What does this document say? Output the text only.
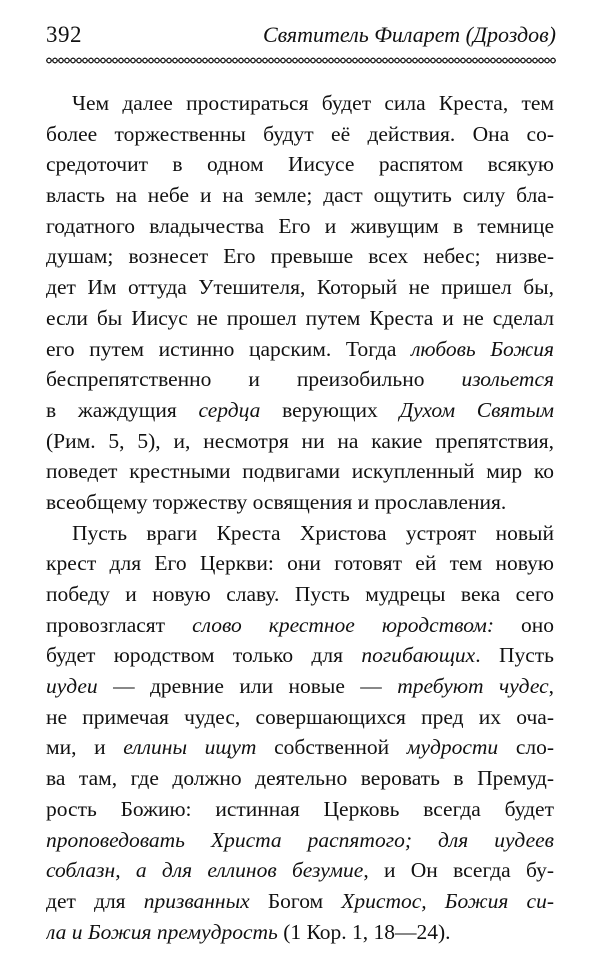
392	Святитель Филарет (Дроздов)
Чем далее простираться будет сила Креста, тем
более торжественны будут её действия. Она со-
средоточит в одном Иисусе распятом всякую
власть на небе и на земле; даст ощутить силу бла-
годатного владычества Его и живущим в темнице
душам; вознесет Его превыше всех небес; низве-
дет Им оттуда Утешителя, Который не пришел бы,
если бы Иисус не прошел путем Креста и не сделал
его путем истинно царским. Тогда любовь Божия
беспрепятственно и преизобильно изольется
в жаждущия сердца верующих Духом Святым
(Рим. 5, 5), и, несмотря ни на какие препятствия,
поведет крестными подвигами искупленный мир ко
всеобщему торжеству освящения и прославления.
Пусть враги Креста Христова устроят новый
крест для Его Церкви: они готовят ей тем новую
победу и новую славу. Пусть мудрецы века сего
провозгласят слово крестное юродством: оно
будет юродством только для погибающих. Пусть
иудеи — древние или новые — требуют чудес,
не примечая чудес, совершающихся пред их оча-
ми, и еллины ищут собственной мудрости сло-
ва там, где должно деятельно веровать в Премуд-
рость Божию: истинная Церковь всегда будет
проповедовать Христа распятого; для иудеев
соблазн, а для еллинов безумие, и Он всегда бу-
дет для призванных Богом Христос, Божия си-
ла и Божия премудрость (1 Кор. 1, 18—24).
